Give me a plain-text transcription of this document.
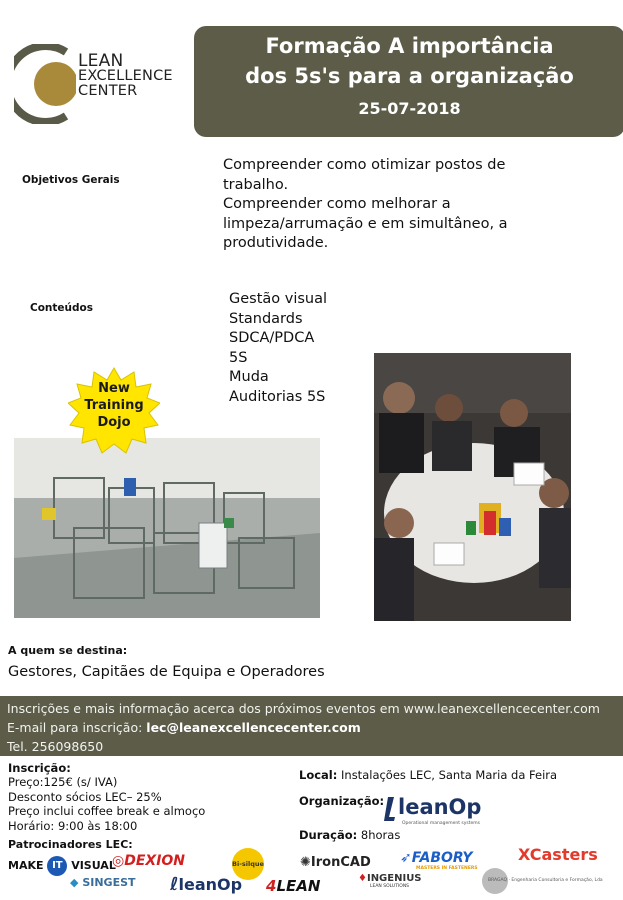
LEAN
EXCELLENCE
CENTER
Formação A importância
dos 5s's para a organização
25-07-2018
Objetivos Gerais
Compreender como otimizar postos de
trabalho.
Compreender como melhorar a
limpeza/arrumação e em simultâneo, a
produtividade.
Conteúdos
Gestão visual
Standards
SDCA/PDCA
5S
Muda
Auditorias 5S
New
Training
Dojo
A quem se destina:
Gestores, Capitães de Equipa e Operadores
Inscrições e mais informação acerca dos próximos eventos em www.leanexcellencecenter.com
E-mail para inscrição: lec@leanexcellencecenter.com
Tel. 256098650
Inscrição:
Preço:125€ (s/ IVA)
Desconto sócios LEC– 25%
Preço inclui coffee break e almoço
Horário: 9:00 às 18:00
Local: Instalações LEC, Santa Maria da Feira
Organização: leanOp
Operational management systems
Duração: 8horas
Patrocinadores LEC:
MAKE IT VISUAL
◎DEXION	Bi-silque	✺IronCAD ➶FABORY
MASTERS IN FASTENERS
XCasters
◆ SINGEST ℓleanOp 4LEAN	♦INGENIUS
LEAN SOLUTIONS
BRAGAQ · Engenharia Consultoria e Formação, Lda
